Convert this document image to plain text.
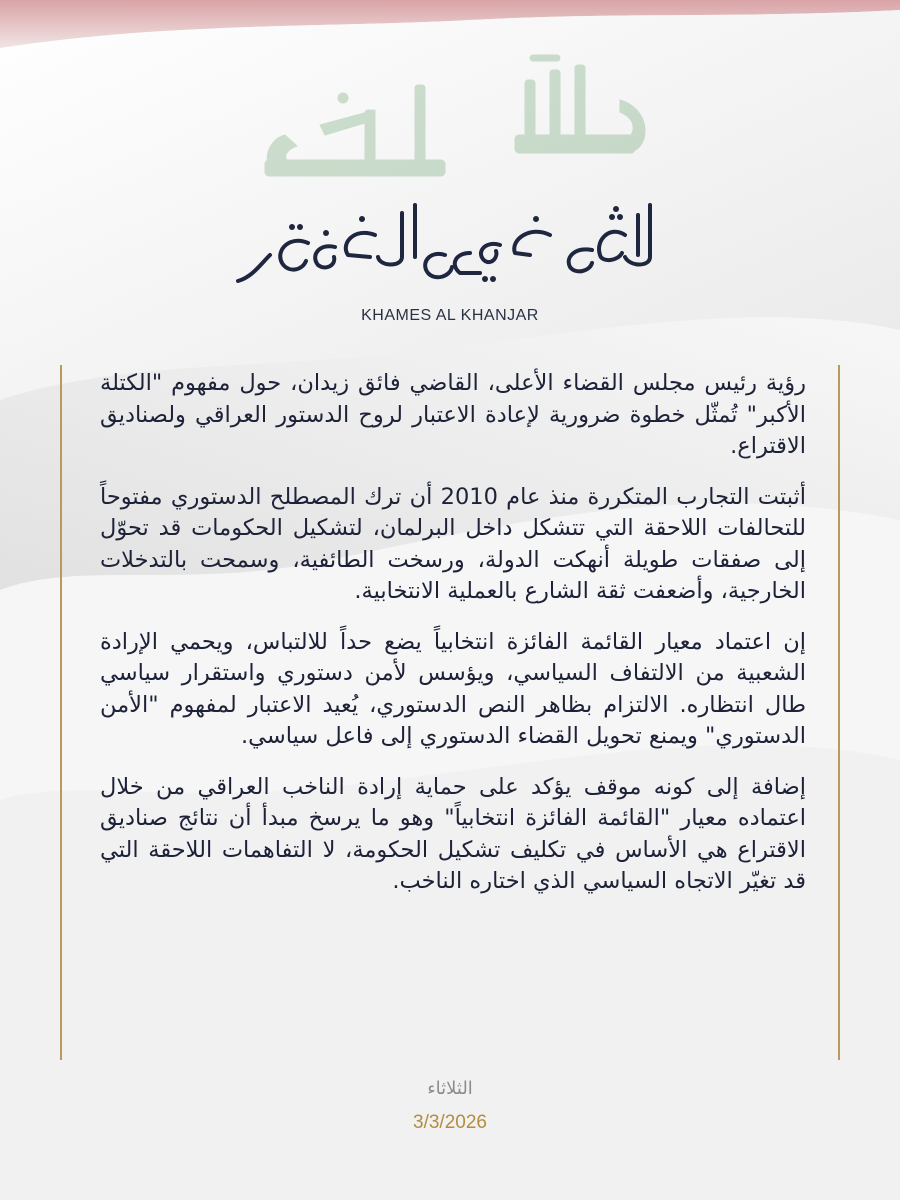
KHAMES AL KHANJAR

رؤية رئيس مجلس القضاء الأعلى، القاضي فائق زيدان، حول مفهوم "الكتلة الأكبر" تُمثّل خطوة ضرورية لإعادة الاعتبار لروح الدستور العراقي ولصناديق الاقتراع.

أثبتت التجارب المتكررة منذ عام 2010 أن ترك المصطلح الدستوري مفتوحاً للتحالفات اللاحقة التي تتشكل داخل البرلمان، لتشكيل الحكومات قد تحوّل إلى صفقات طويلة أنهكت الدولة، ورسخت الطائفية، وسمحت بالتدخلات الخارجية، وأضعفت ثقة الشارع بالعملية الانتخابية.

إن اعتماد معيار القائمة الفائزة انتخابياً يضع حداً للالتباس، ويحمي الإرادة الشعبية من الالتفاف السياسي، ويؤسس لأمن دستوري واستقرار سياسي طال انتظاره. الالتزام بظاهر النص الدستوري، يُعيد الاعتبار لمفهوم "الأمن الدستوري" ويمنع تحويل القضاء الدستوري إلى فاعل سياسي.

إضافة إلى كونه موقف يؤكد على حماية إرادة الناخب العراقي من خلال اعتماده معيار "القائمة الفائزة انتخابياً" وهو ما يرسخ مبدأ أن نتائج صناديق الاقتراع هي الأساس في تكليف تشكيل الحكومة، لا التفاهمات اللاحقة التي قد تغيّر الاتجاه السياسي الذي اختاره الناخب.

الثلاثاء
3/3/2026
